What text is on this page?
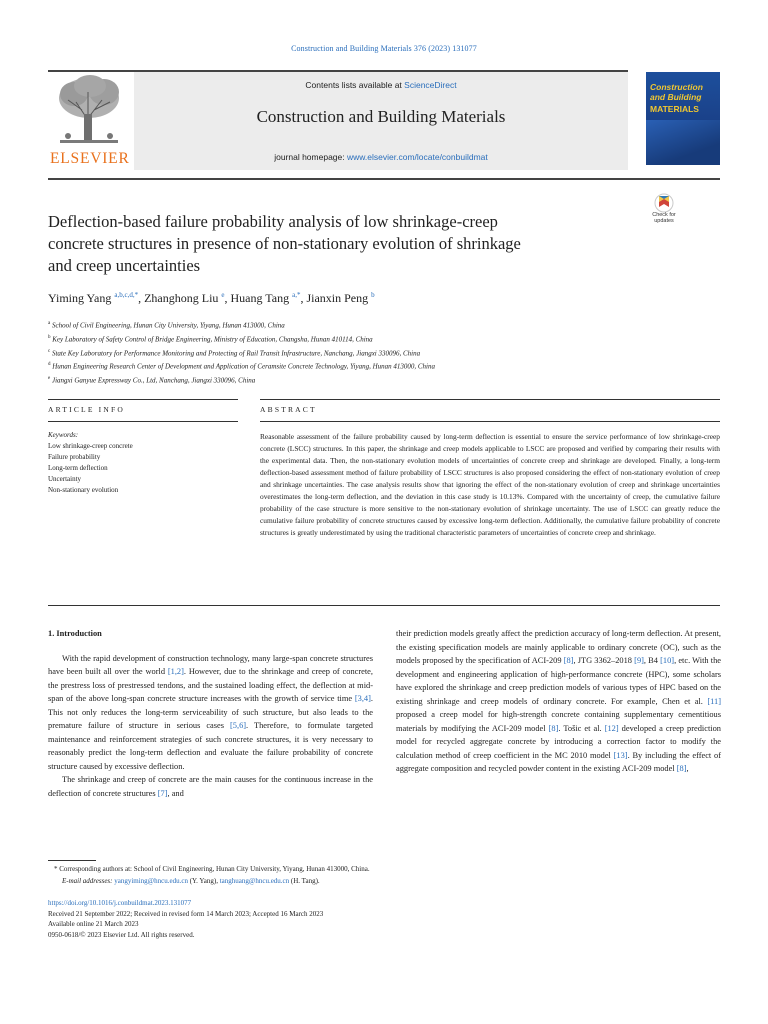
Construction and Building Materials 376 (2023) 131077
ELSEVIER
Contents lists available at ScienceDirect
Construction and Building Materials
journal homepage: www.elsevier.com/locate/conbuildmat
Construction
and Building
MATERIALS
Deflection-based failure probability analysis of low shrinkage-creep
concrete structures in presence of non-stationary evolution of shrinkage
and creep uncertainties
Check for updates
Yiming Yang $^{a,b,c,d,*}$, Zhanghong Liu $^e$, Huang Tang $^{a,*}$, Jianxin Peng $^b$
$^a$ School of Civil Engineering, Hunan City University, Yiyang, Hunan 413000, China
$^b$ Key Laboratory of Safety Control of Bridge Engineering, Ministry of Education, Changsha, Hunan 410114, China
$^c$ State Key Laboratory for Performance Monitoring and Protecting of Rail Transit Infrastructure, Nanchang, Jiangxi 330096, China
$^d$ Hunan Engineering Research Center of Development and Application of Ceramsite Concrete Technology, Yiyang, Hunan 413000, China
$^e$ Jiangxi Ganyue Expressway Co., Ltd, Nanchang, Jiangxi 330096, China
ARTICLE INFO	ABSTRACT
Keywords:
Low shrinkage-creep concrete
Failure probability
Long-term deflection
Uncertainty
Non-stationary evolution
Reasonable assessment of the failure probability caused by long-term deflection is essential to ensure the service performance of low shrinkage-creep concrete (LSCC) structures. In this paper, the shrinkage and creep models applicable to LSCC are proposed and verified by comparing their results with the experimental data. Then, the non-stationary evolution models of uncertainties of concrete creep and shrinkage are developed. Finally, a long-term deflection-based assessment method of failure probability of LSCC structures is also proposed considering the effect of non-stationary evolution of creep and shrinkage uncertainties. The case analysis results show that ignoring the effect of the non-stationary evolution of creep and shrinkage uncertainties overestimates the long-term deflection, and the deviation in this case study is 10.13%. Compared with the uncertainty of creep, the cumulative failure probability of the case structure is more sensitive to the non-stationary evolution of shrinkage uncertainty. The use of LSCC can greatly reduce the cumulative failure probability of concrete structures caused by excessive long-term deflection. Additionally, the cumulative failure probability of concrete structures is greatly underestimated by using the traditional characteristic parameters of uncertainties of concrete creep and shrinkage.

1. Introduction

With the rapid development of construction technology, many large-span concrete structures have been built all over the world [1,2]. However, due to the shrinkage and creep of concrete, the prestress loss of prestressed tendons, and the sustained loading effect, the deflection at mid-span of the above long-span concrete structure increases with the growth of service time [3,4]. This not only reduces the long-term serviceability of such structure, but also leads to the premature failure of structure in serious cases [5,6]. Therefore, to formulate targeted maintenance and reinforcement strategies of such concrete structures, it is very necessary to reasonably predict the long-term deflection and evaluate the failure probability of concrete structure caused by excessive deflection.

The shrinkage and creep of concrete are the main causes for the continuous increase in the deflection of concrete structures [7], and

their prediction models greatly affect the prediction accuracy of long-term deflection. At present, the existing specification models are mainly applicable to ordinary concrete (OC), such as the models proposed by the specification of ACI-209 [8], JTG 3362–2018 [9], B4 [10], etc. With the development and engineering application of high-performance concrete (HPC), some scholars have explored the shrinkage and creep prediction models of various types of HPC based on the existing shrinkage and creep models of ordinary concrete. For example, Chen et al. [11] proposed a creep model for high-strength concrete containing supplementary cementitious materials by modifying the ACI-209 model [8]. Tošic et al. [12] developed a creep prediction model for recycled aggregate concrete by introducing a correction factor to modify the calculation method of creep coefficient in the MC 2010 model [13]. By including the effect of aggregate composition and recycled powder content in the existing ACI-209 model [8],

* Corresponding authors at: School of Civil Engineering, Hunan City University, Yiyang, Hunan 413000, China.
E-mail addresses: yangyiming@hncu.edu.cn (Y. Yang), tanghuang@hncu.edu.cn (H. Tang).
https://doi.org/10.1016/j.conbuildmat.2023.131077
Received 21 September 2022; Received in revised form 14 March 2023; Accepted 16 March 2023
Available online 21 March 2023
0950-0618/© 2023 Elsevier Ltd. All rights reserved.
